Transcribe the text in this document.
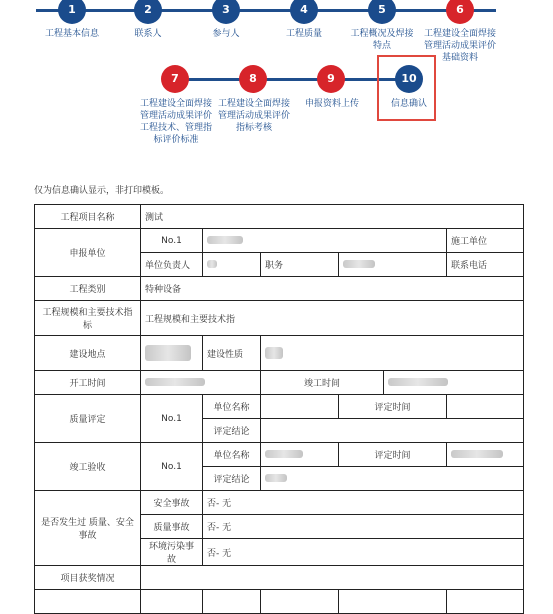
1
工程基本信息
2
联系人
3
参与人
4
工程质量
5
工程概况及焊接特点
6
工程建设全面焊接管理活动成果评价基础资料
7
工程建设全面焊接管理活动成果评价工程技术、管理指标评价标准
8
工程建设全面焊接管理活动成果评价指标考核
9
申报资料上传
10
信息确认
仅为信息确认显示，非打印模板。
工程项目名称	测试					
申报单位	No.1					施工单位
	单位负责人		职务			联系电话
工程类别	特种设备					
工程规模和主要技术指标	工程规模和主要技术指					
建设地点		建设性质				
开工时间			竣工时间			
质量评定	No.1	单位名称		评定时间		
		评定结论				
竣工验收	No.1	单位名称		评定时间		
		评定结论				
是否发生过 质量、安全事故	安全事故	否- 无				
	质量事故	否- 无				
	环境污染事故	否- 无				
项目获奖情况						
